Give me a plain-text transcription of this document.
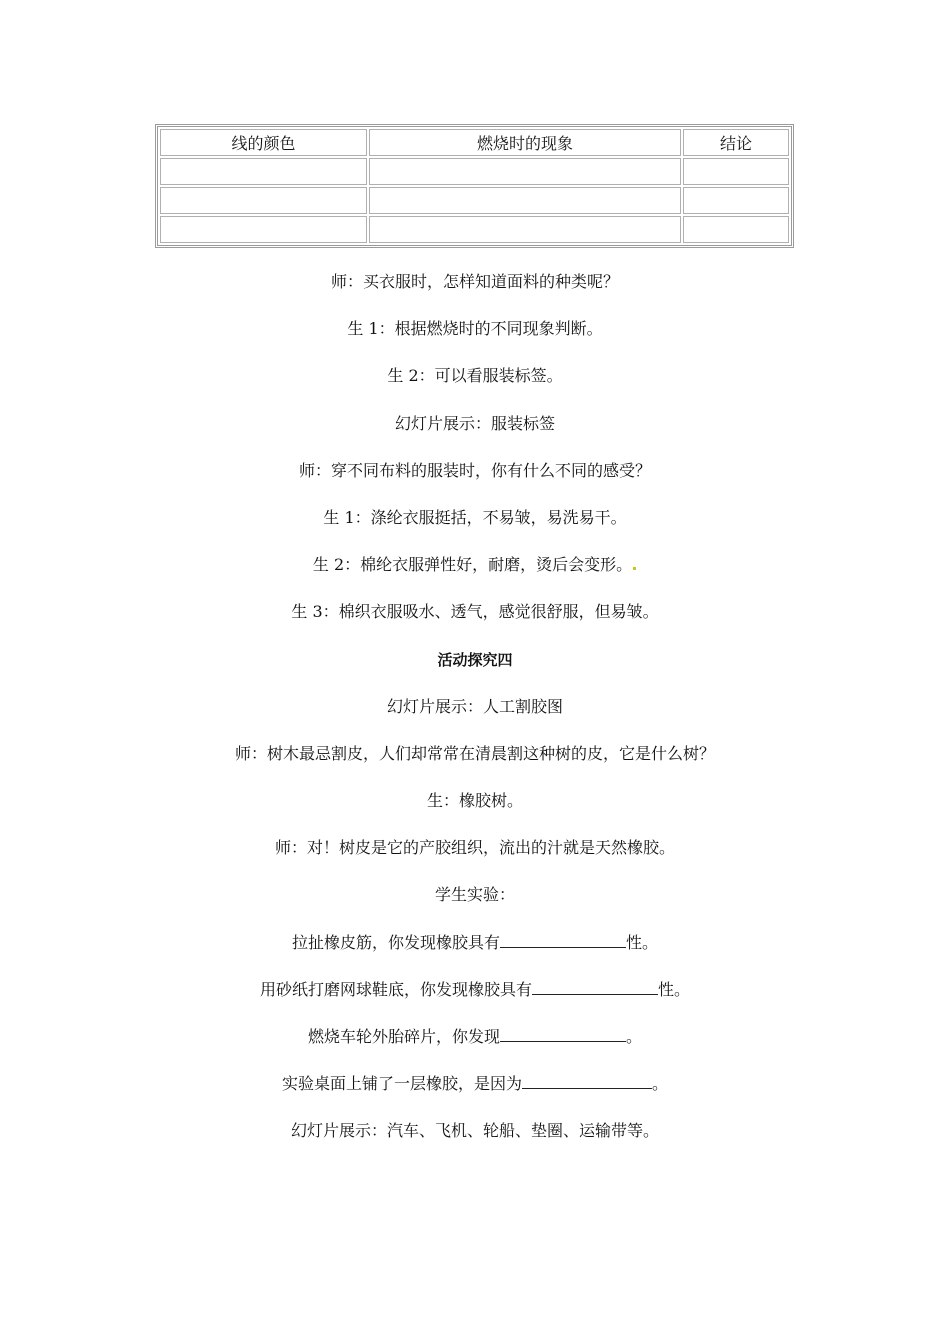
线的颜色	燃烧时的现象	结论

师：买衣服时，怎样知道面料的种类呢？
生 1：根据燃烧时的不同现象判断。
生 2：可以看服装标签。
幻灯片展示：服装标签
师：穿不同布料的服装时，你有什么不同的感受？
生 1：涤纶衣服挺括，不易皱，易洗易干。
生 2：棉纶衣服弹性好，耐磨，烫后会变形。
生 3：棉织衣服吸水、透气，感觉很舒服，但易皱。
活动探究四
幻灯片展示：人工割胶图
师：树木最忌割皮，人们却常常在清晨割这种树的皮，它是什么树？
生：橡胶树。
师：对！树皮是它的产胶组织，流出的汁就是天然橡胶。
学生实验：
拉扯橡皮筋，你发现橡胶具有	性。
用砂纸打磨网球鞋底，你发现橡胶具有	性。
燃烧车轮外胎碎片，你发现	。
实验桌面上铺了一层橡胶，是因为	。
幻灯片展示：汽车、飞机、轮船、垫圈、运输带等。
